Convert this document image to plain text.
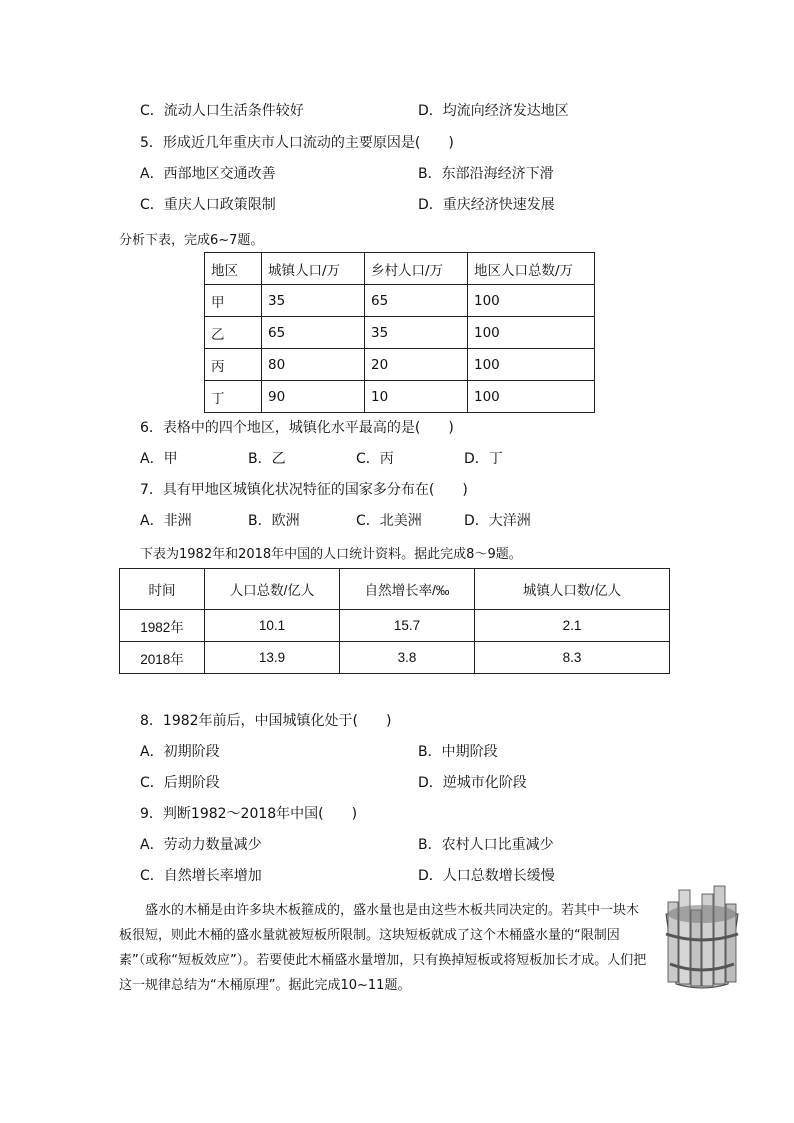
C．流动人口生活条件较好	D．均流向经济发达地区
5．形成近几年重庆市人口流动的主要原因是(　　)
A．西部地区交通改善	B．东部沿海经济下滑
C．重庆人口政策限制	D．重庆经济快速发展
分析下表，完成6~7题。
地区	城镇人口/万	乡村人口/万	地区人口总数/万
甲	35	65	100
乙	65	35	100
丙	80	20	100
丁	90	10	100
6．表格中的四个地区，城镇化水平最高的是(　　)
A．甲	B．乙	C．丙	D．丁
7．具有甲地区城镇化状况特征的国家多分布在(　　)
A．非洲	B．欧洲	C．北美洲	D．大洋洲
下表为1982年和2018年中国的人口统计资料。据此完成8～9题。
时间	人口总数/亿人	自然增长率/‰	城镇人口数/亿人
1982年	10.1	15.7	2.1
2018年	13.9	3.8	8.3
8．1982年前后，中国城镇化处于(　　)
A．初期阶段	B．中期阶段
C．后期阶段	D．逆城市化阶段
9．判断1982～2018年中国(　　)
A．劳动力数量减少	B．农村人口比重减少
C．自然增长率增加	D．人口总数增长缓慢
盛水的木桶是由许多块木板箍成的，盛水量也是由这些木板共同决定的。若其中一块木板很短，则此木桶的盛水量就被短板所限制。这块短板就成了这个木桶盛水量的“限制因素”（或称“短板效应”）。若要使此木桶盛水量增加，只有换掉短板或将短板加长才成。人们把这一规律总结为“木桶原理”。据此完成10~11题。
